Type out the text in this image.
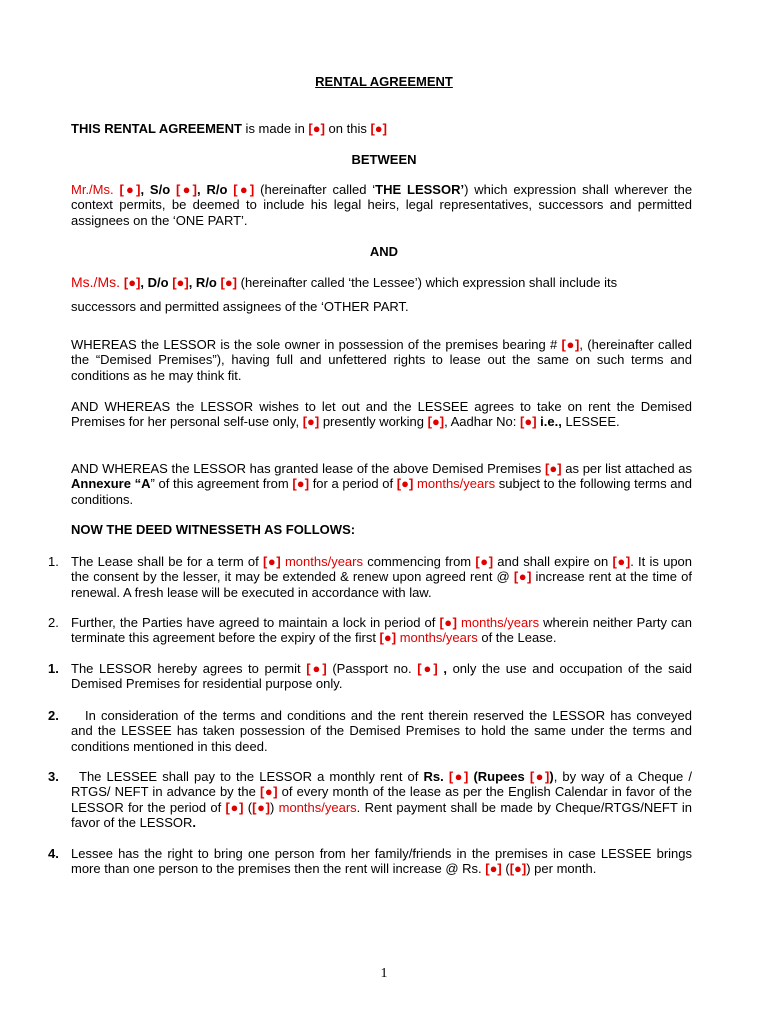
RENTAL AGREEMENT
THIS RENTAL AGREEMENT is made in [●] on this [●]
BETWEEN

Mr./Ms. [●], S/o [●], R/o [●] (hereinafter called ‘THE LESSOR’) which expression shall wherever the context permits, be deemed to include his legal heirs, legal representatives, successors and permitted assignees on the ‘ONE PART’.

AND
Ms./Ms. [●], D/o [●], R/o [●] (hereinafter called ‘the Lessee’) which expression shall include its
successors and permitted assignees of the ‘OTHER PART.

WHEREAS the LESSOR is the sole owner in possession of the premises bearing # [●], (hereinafter called the “Demised Premises”), having full and unfettered rights to lease out the same on such terms and conditions as he may think fit.

AND WHEREAS the LESSOR wishes to let out and the LESSEE agrees to take on rent the Demised Premises for her personal self-use only, [●] presently working [●], Aadhar No: [●] i.e., LESSEE.

AND WHEREAS the LESSOR has granted lease of the above Demised Premises [●] as per list attached as Annexure “A” of this agreement from [●] for a period of [●] months/years subject to the following terms and conditions.

NOW THE DEED WITNESSETH AS FOLLOWS:
1. The Lease shall be for a term of [●] months/years commencing from [●] and shall expire on [●]. It is upon the consent by the lesser, it may be extended & renew upon agreed rent @ [●] increase rent at the time of renewal. A fresh lease will be executed in accordance with law.

2. Further, the Parties have agreed to maintain a lock in period of [●] months/years wherein neither Party can terminate this agreement before the expiry of the first [●] months/years of the Lease.

1. The LESSOR hereby agrees to permit [●] (Passport no. [●] , only the use and occupation of the said Demised Premises for residential purpose only.

2.	In consideration of the terms and conditions and the rent therein reserved the LESSOR has conveyed and the LESSEE has taken possession of the Demised Premises to hold the same under the terms and conditions mentioned in this deed.

3.	The LESSEE shall pay to the LESSOR a monthly rent of Rs. [●] (Rupees [●]), by way of a Cheque / RTGS/ NEFT in advance by the [●] of every month of the lease as per the English Calendar in favor of the LESSOR for the period of [●] ([●]) months/years. Rent payment shall be made by Cheque/RTGS/NEFT in favor of the LESSOR.

4. Lessee has the right to bring one person from her family/friends in the premises in case LESSEE brings more than one person to the premises then the rent will increase @ Rs. [●] ([●]) per month.

1
